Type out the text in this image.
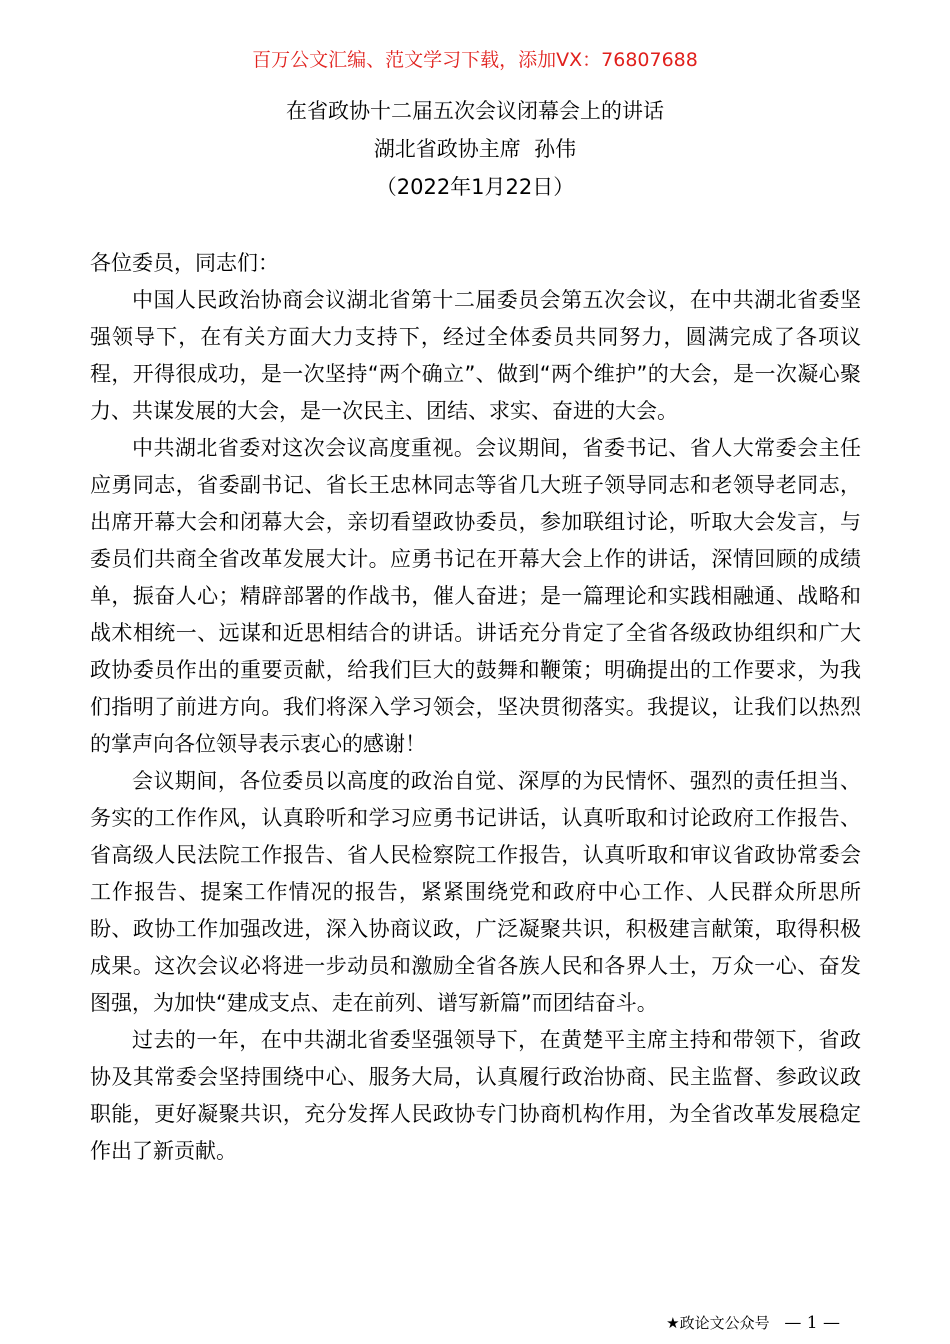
百万公文汇编、范文学习下载，添加VX：76807688
在省政协十二届五次会议闭幕会上的讲话
湖北省政协主席  孙伟
（2022年1月22日）

各位委员，同志们：

中国人民政治协商会议湖北省第十二届委员会第五次会议，在中共湖北省委坚强领导下，在有关方面大力支持下，经过全体委员共同努力，圆满完成了各项议程，开得很成功，是一次坚持“两个确立”、做到“两个维护”的大会，是一次凝心聚力、共谋发展的大会，是一次民主、团结、求实、奋进的大会。

中共湖北省委对这次会议高度重视。会议期间，省委书记、省人大常委会主任应勇同志，省委副书记、省长王忠林同志等省几大班子领导同志和老领导老同志，出席开幕大会和闭幕大会，亲切看望政协委员，参加联组讨论，听取大会发言，与委员们共商全省改革发展大计。应勇书记在开幕大会上作的讲话，深情回顾的成绩单，振奋人心；精辟部署的作战书，催人奋进；是一篇理论和实践相融通、战略和战术相统一、远谋和近思相结合的讲话。讲话充分肯定了全省各级政协组织和广大政协委员作出的重要贡献，给我们巨大的鼓舞和鞭策；明确提出的工作要求，为我们指明了前进方向。我们将深入学习领会，坚决贯彻落实。我提议，让我们以热烈的掌声向各位领导表示衷心的感谢！

会议期间，各位委员以高度的政治自觉、深厚的为民情怀、强烈的责任担当、务实的工作作风，认真聆听和学习应勇书记讲话，认真听取和讨论政府工作报告、省高级人民法院工作报告、省人民检察院工作报告，认真听取和审议省政协常委会工作报告、提案工作情况的报告，紧紧围绕党和政府中心工作、人民群众所思所盼、政协工作加强改进，深入协商议政，广泛凝聚共识，积极建言献策，取得积极成果。这次会议必将进一步动员和激励全省各族人民和各界人士，万众一心、奋发图强，为加快“建成支点、走在前列、谱写新篇”而团结奋斗。

过去的一年，在中共湖北省委坚强领导下，在黄楚平主席主持和带领下，省政协及其常委会坚持围绕中心、服务大局，认真履行政治协商、民主监督、参政议政职能，更好凝聚共识，充分发挥人民政协专门协商机构作用，为全省改革发展稳定作出了新贡献。

★政论文公众号 — 1 —
